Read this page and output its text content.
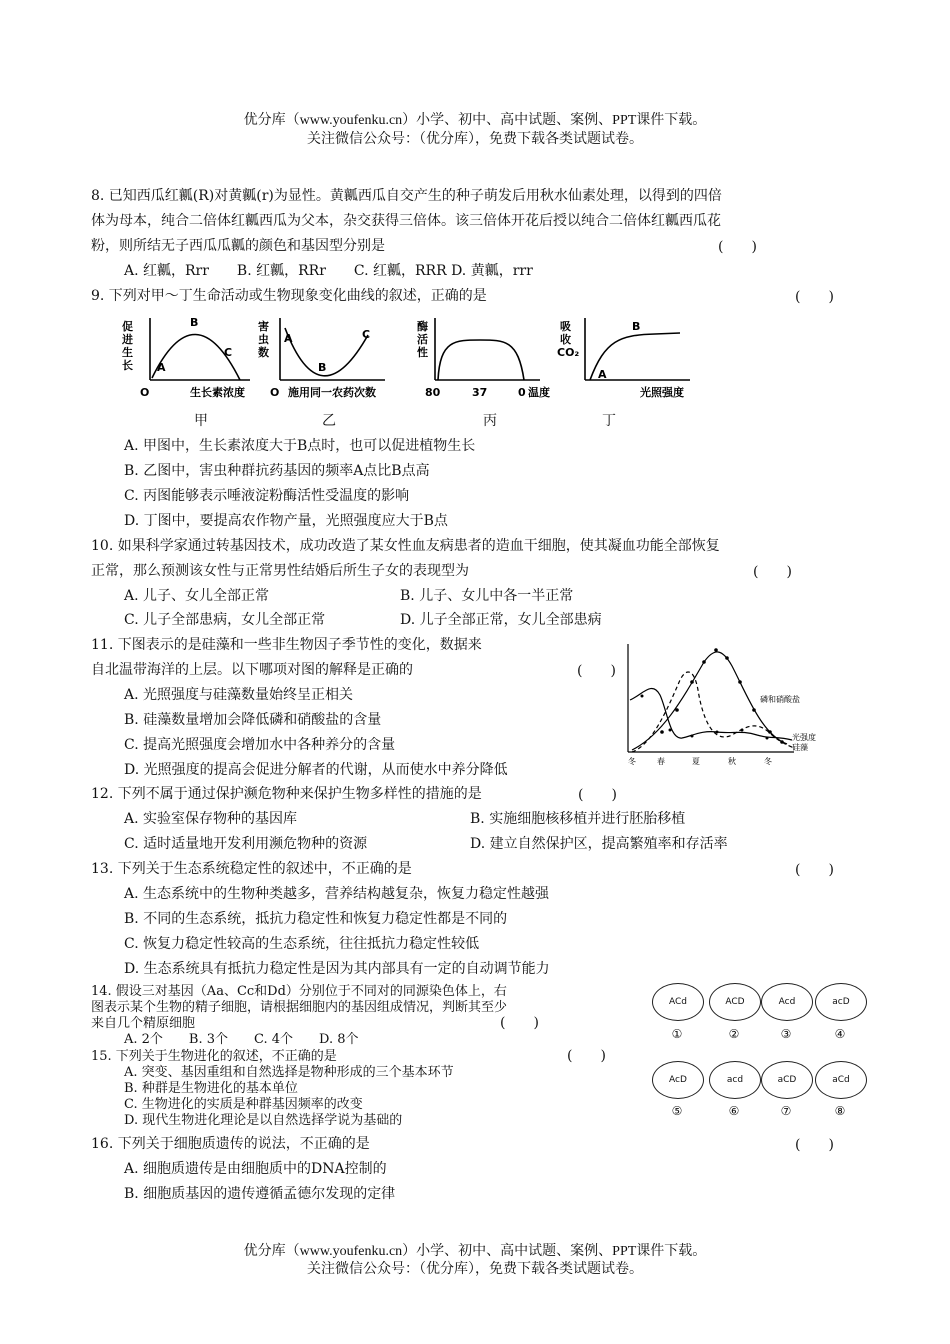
优分库（www.youfenku.cn）小学、初中、高中试题、案例、PPT课件下载。
关注微信公众号：（优分库），免费下载各类试题试卷。
8. 已知西瓜红瓤(R)对黄瓤(r)为显性。黄瓤西瓜自交产生的种子萌发后用秋水仙素处理，以得到的四倍
体为母本，纯合二倍体红瓤西瓜为父本，杂交获得三倍体。该三倍体开花后授以纯合二倍体红瓤西瓜花
粉，则所结无子西瓜瓜瓤的颜色和基因型分别是	(　　)
A. 红瓤，Rrr　　B. 红瓤，RRr　　C. 红瓤，RRR D. 黄瓤，rrr
9. 下列对甲～丁生命活动或生物现象变化曲线的叙述，正确的是	(　　)
促
进
生
长
O	生长素浓度
A
B
C
害
虫
数
O 施用同一农药次数
A
B
C
酶
活
性
80	37	0 温度
吸
收
CO₂
A
B
光照强度
甲	乙	丙	丁
A. 甲图中，生长素浓度大于B点时，也可以促进植物生长
B. 乙图中，害虫种群抗药基因的频率A点比B点高
C. 丙图能够表示唾液淀粉酶活性受温度的影响
D. 丁图中，要提高农作物产量，光照强度应大于B点
10. 如果科学家通过转基因技术，成功改造了某女性血友病患者的造血干细胞，使其凝血功能全部恢复
正常，那么预测该女性与正常男性结婚后所生子女的表现型为	(　　)
A. 儿子、女儿全部正常	B. 儿子、女儿中各一半正常
C. 儿子全部患病，女儿全部正常	D. 儿子全部正常，女儿全部患病
11. 下图表示的是硅藻和一些非生物因子季节性的变化，数据来
自北温带海洋的上层。以下哪项对图的解释是正确的	(　　)
A. 光照强度与硅藻数量始终呈正相关
B. 硅藻数量增加会降低磷和硝酸盐的含量
C. 提高光照强度会增加水中各种养分的含量
D. 光照强度的提高会促进分解者的代谢，从而使水中养分降低
磷和硝酸盐
光强度
硅藻
冬	春	夏	秋	冬
12. 下列不属于通过保护濒危物种来保护生物多样性的措施的是	(　　)
A. 实验室保存物种的基因库	B. 实施细胞核移植并进行胚胎移植
C. 适时适量地开发利用濒危物种的资源	D. 建立自然保护区，提高繁殖率和存活率
13. 下列关于生态系统稳定性的叙述中，不正确的是	(　　)
A. 生态系统中的生物种类越多，营养结构越复杂，恢复力稳定性越强
B. 不同的生态系统，抵抗力稳定性和恢复力稳定性都是不同的
C. 恢复力稳定性较高的生态系统，往往抵抗力稳定性较低
D. 生态系统具有抵抗力稳定性是因为其内部具有一定的自动调节能力
14. 假设三对基因（Aa、Cc和Dd）分别位于不同对的同源染色体上，右
图表示某个生物的精子细胞，请根据细胞内的基因组成情况，判断其至少
来自几个精原细胞	(　　)
A. 2个　　B. 3个　　C. 4个　　D. 8个
ACd	ACD	Acd	acD
①	②	③	④
AcD	acd	aCD	aCd
⑤	⑥	⑦	⑧
15. 下列关于生物进化的叙述，不正确的是	(　　)
A. 突变、基因重组和自然选择是物种形成的三个基本环节
B. 种群是生物进化的基本单位
C. 生物进化的实质是种群基因频率的改变
D. 现代生物进化理论是以自然选择学说为基础的
16. 下列关于细胞质遗传的说法，不正确的是	(　　)
A. 细胞质遗传是由细胞质中的DNA控制的
B. 细胞质基因的遗传遵循孟德尔发现的定律
优分库（www.youfenku.cn）小学、初中、高中试题、案例、PPT课件下载。
关注微信公众号：（优分库），免费下载各类试题试卷。
